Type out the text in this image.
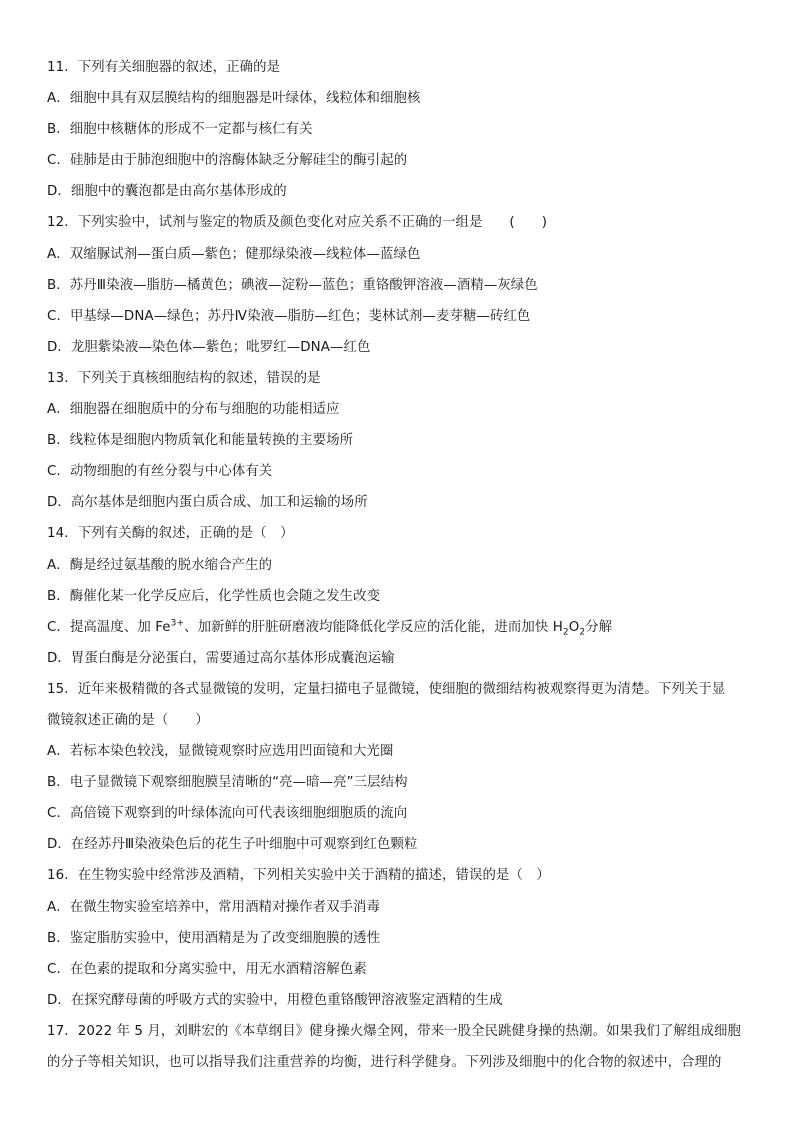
11．下列有关细胞器的叙述，正确的是
A．细胞中具有双层膜结构的细胞器是叶绿体，线粒体和细胞核
B．细胞中核糖体的形成不一定都与核仁有关
C．硅肺是由于肺泡细胞中的溶酶体缺乏分解硅尘的酶引起的
D．细胞中的囊泡都是由高尔基体形成的
12．下列实验中，试剂与鉴定的物质及颜色变化对应关系不正确的一组是　　(　　)
A．双缩脲试剂—蛋白质—紫色；健那绿染液—线粒体—蓝绿色
B．苏丹Ⅲ染液—脂肪—橘黄色；碘液—淀粉—蓝色；重铬酸钾溶液—酒精—灰绿色
C．甲基绿—DNA—绿色；苏丹Ⅳ染液—脂肪—红色；斐林试剂—麦芽糖—砖红色
D．龙胆紫染液—染色体—紫色；吡罗红—DNA—红色
13．下列关于真核细胞结构的叙述，错误的是
A．细胞器在细胞质中的分布与细胞的功能相适应
B．线粒体是细胞内物质氧化和能量转换的主要场所
C．动物细胞的有丝分裂与中心体有关
D．高尔基体是细胞内蛋白质合成、加工和运输的场所
14．下列有关酶的叙述，正确的是（　）
A．酶是经过氨基酸的脱水缩合产生的
B．酶催化某一化学反应后，化学性质也会随之发生改变
C．提高温度、加 $Fe^{3+}$、加新鲜的肝脏研磨液均能降低化学反应的活化能，进而加快 $H_2O_2$分解
D．胃蛋白酶是分泌蛋白，需要通过高尔基体形成囊泡运输
15．近年来极精微的各式显微镜的发明，定量扫描电子显微镜，使细胞的微细结构被观察得更为清楚。下列关于显
微镜叙述正确的是（　　）
A．若标本染色较浅，显微镜观察时应选用凹面镜和大光圈
B．电子显微镜下观察细胞膜呈清晰的“亮—暗—亮”三层结构
C．高倍镜下观察到的叶绿体流向可代表该细胞细胞质的流向
D．在经苏丹Ⅲ染液染色后的花生子叶细胞中可观察到红色颗粒
16．在生物实验中经常涉及酒精，下列相关实验中关于酒精的描述，错误的是（　）
A．在微生物实验室培养中，常用酒精对操作者双手消毒
B．鉴定脂肪实验中，使用酒精是为了改变细胞膜的透性
C．在色素的提取和分离实验中，用无水酒精溶解色素
D．在探究酵母菌的呼吸方式的实验中，用橙色重铬酸钾溶液鉴定酒精的生成
17．2022 年 5 月，刘畊宏的《本草纲目》健身操火爆全网，带来一股全民跳健身操的热潮。如果我们了解组成细胞
的分子等相关知识，也可以指导我们注重营养的均衡，进行科学健身。下列涉及细胞中的化合物的叙述中，合理的
